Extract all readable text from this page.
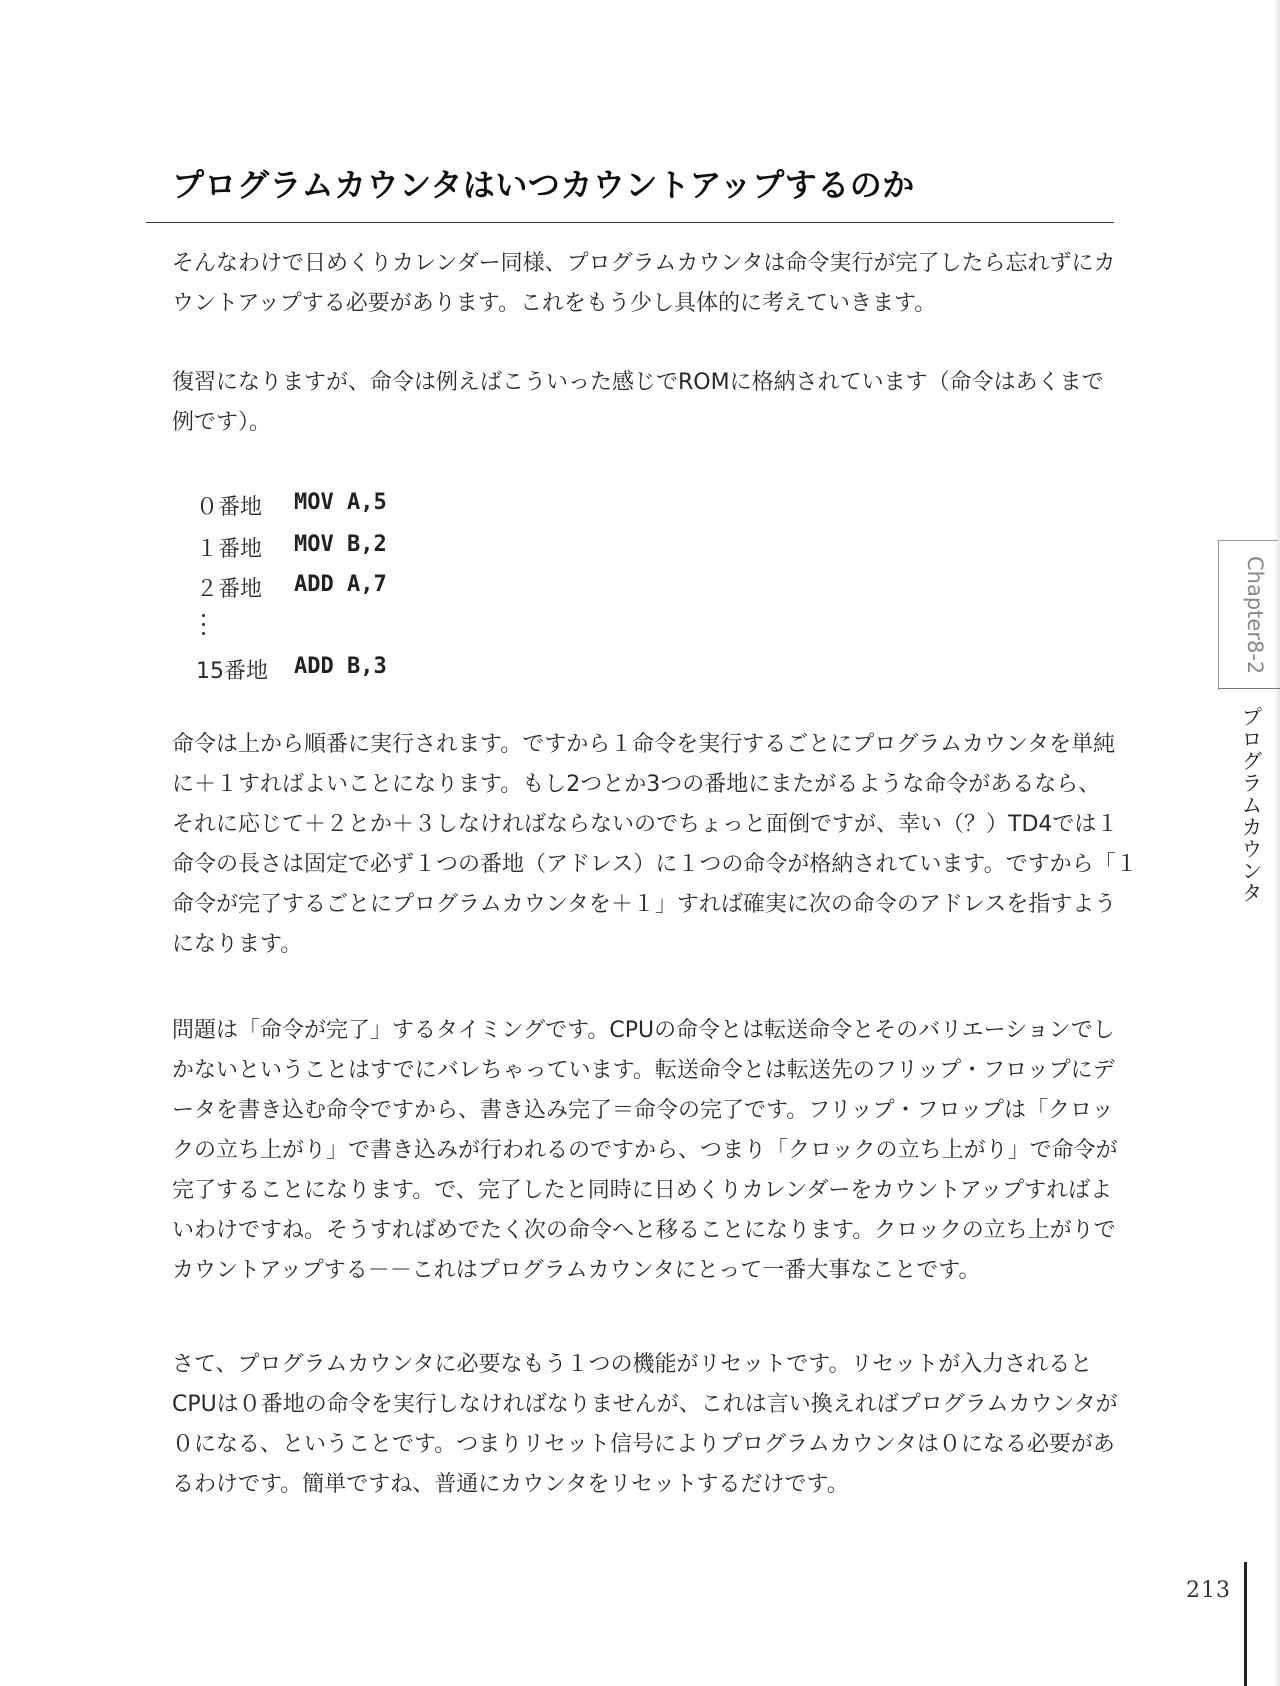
プログラムカウンタはいつカウントアップするのか

そんなわけで日めくりカレンダー同様、プログラムカウンタは命令実行が完了したら忘れずにカ
ウントアップする必要があります。これをもう少し具体的に考えていきます。

復習になりますが、命令は例えばこういった感じでROMに格納されています（命令はあくまで
例です）。

０番地 MOV A,5
１番地 MOV B,2
２番地 ADD A,7
15番地 ADD B,3

命令は上から順番に実行されます。ですから１命令を実行するごとにプログラムカウンタを単純
に＋１すればよいことになります。もし2つとか3つの番地にまたがるような命令があるなら、
それに応じて＋２とか＋３しなければならないのでちょっと面倒ですが、幸い（？）TD4では１
命令の長さは固定で必ず１つの番地（アドレス）に１つの命令が格納されています。ですから「１
命令が完了するごとにプログラムカウンタを＋１」すれば確実に次の命令のアドレスを指すよう
になります。

問題は「命令が完了」するタイミングです。CPUの命令とは転送命令とそのバリエーションでし
かないということはすでにバレちゃっています。転送命令とは転送先のフリップ・フロップにデ
ータを書き込む命令ですから、書き込み完了＝命令の完了です。フリップ・フロップは「クロッ
クの立ち上がり」で書き込みが行われるのですから、つまり「クロックの立ち上がり」で命令が
完了することになります。で、完了したと同時に日めくりカレンダーをカウントアップすればよ
いわけですね。そうすればめでたく次の命令へと移ることになります。クロックの立ち上がりで
カウントアップする－－これはプログラムカウンタにとって一番大事なことです。

さて、プログラムカウンタに必要なもう１つの機能がリセットです。リセットが入力されると
CPUは０番地の命令を実行しなければなりませんが、これは言い換えればプログラムカウンタが
０になる、ということです。つまりリセット信号によりプログラムカウンタは０になる必要があ
るわけです。簡単ですね、普通にカウンタをリセットするだけです。

Chapter8-2
プログラムカウンタ
213
